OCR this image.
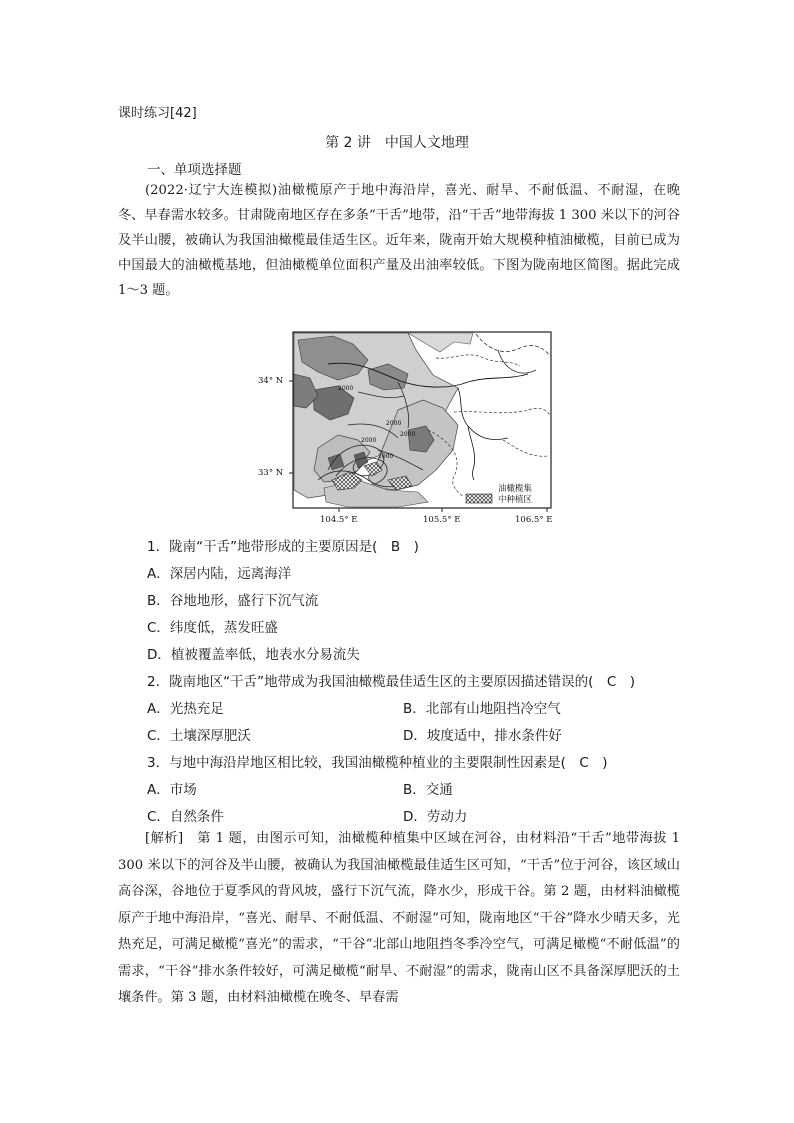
课时练习[42]
第 2 讲　中国人文地理
一、单项选择题
(2022·辽宁大连模拟)油橄榄原产于地中海沿岸，喜光、耐旱、不耐低温、不耐湿，在晚冬、早春需水较多。甘肃陇南地区存在多条“干舌”地带，沿“干舌”地带海拔 1 300 米以下的河谷及半山腰，被确认为我国油橄榄最佳适生区。近年来，陇南开始大规模种植油橄榄，目前已成为中国最大的油橄榄基地，但油橄榄单位面积产量及出油率较低。下图为陇南地区简图。据此完成 1～3 题。
2000
2000
2000
2000
2000
油橄榄集
中种植区
34° N
33° N
104.5° E	105.5° E	106.5° E
1．陇南“干舌”地带形成的主要原因是(　B　)
A．深居内陆，远离海洋
B．谷地地形，盛行下沉气流
C．纬度低，蒸发旺盛
D．植被覆盖率低，地表水分易流失
2．陇南地区“干舌”地带成为我国油橄榄最佳适生区的主要原因描述错误的(　C　)
A．光热充足	B．北部有山地阻挡冷空气
C．土壤深厚肥沃	D．坡度适中，排水条件好
3．与地中海沿岸地区相比较，我国油橄榄种植业的主要限制性因素是(　C　)
A．市场	B．交通
C．自然条件	D．劳动力
[解析]　第 1 题，由图示可知，油橄榄种植集中区域在河谷，由材料沿“干舌”地带海拔 1 300 米以下的河谷及半山腰，被确认为我国油橄榄最佳适生区可知，“干舌”位于河谷，该区域山高谷深，谷地位于夏季风的背风坡，盛行下沉气流，降水少，形成干谷。第 2 题，由材料油橄榄原产于地中海沿岸，“喜光、耐旱、不耐低温、不耐湿”可知，陇南地区“干谷”降水少晴天多，光热充足，可满足橄榄“喜光”的需求，“干谷”北部山地阻挡冬季冷空气，可满足橄榄“不耐低温”的需求，“干谷”排水条件较好，可满足橄榄“耐旱、不耐湿”的需求，陇南山区不具备深厚肥沃的土壤条件。第 3 题，由材料油橄榄在晚冬、早春需
